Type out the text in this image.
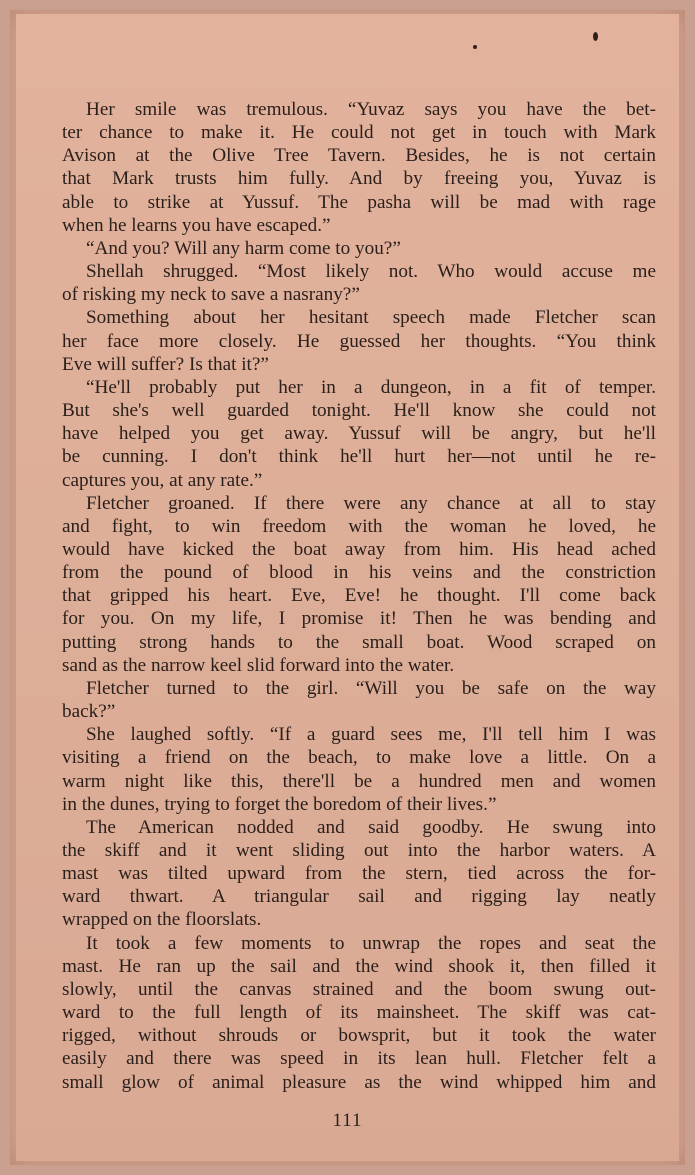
Her smile was tremulous. “Yuvaz says you have the bet-
ter chance to make it. He could not get in touch with Mark
Avison at the Olive Tree Tavern. Besides, he is not certain
that Mark trusts him fully. And by freeing you, Yuvaz is
able to strike at Yussuf. The pasha will be mad with rage
when he learns you have escaped.”
“And you? Will any harm come to you?”
Shellah shrugged. “Most likely not. Who would accuse me
of risking my neck to save a nasrany?”
Something about her hesitant speech made Fletcher scan
her face more closely. He guessed her thoughts. “You think
Eve will suffer? Is that it?”
“He'll probably put her in a dungeon, in a fit of temper.
But she's well guarded tonight. He'll know she could not
have helped you get away. Yussuf will be angry, but he'll
be cunning. I don't think he'll hurt her—not until he re-
captures you, at any rate.”
Fletcher groaned. If there were any chance at all to stay
and fight, to win freedom with the woman he loved, he
would have kicked the boat away from him. His head ached
from the pound of blood in his veins and the constriction
that gripped his heart. Eve, Eve! he thought. I'll come back
for you. On my life, I promise it! Then he was bending and
putting strong hands to the small boat. Wood scraped on
sand as the narrow keel slid forward into the water.
Fletcher turned to the girl. “Will you be safe on the way
back?”
She laughed softly. “If a guard sees me, I'll tell him I was
visiting a friend on the beach, to make love a little. On a
warm night like this, there'll be a hundred men and women
in the dunes, trying to forget the boredom of their lives.”
The American nodded and said goodby. He swung into
the skiff and it went sliding out into the harbor waters. A
mast was tilted upward from the stern, tied across the for-
ward thwart. A triangular sail and rigging lay neatly
wrapped on the floorslats.
It took a few moments to unwrap the ropes and seat the
mast. He ran up the sail and the wind shook it, then filled it
slowly, until the canvas strained and the boom swung out-
ward to the full length of its mainsheet. The skiff was cat-
rigged, without shrouds or bowsprit, but it took the water
easily and there was speed in its lean hull. Fletcher felt a
small glow of animal pleasure as the wind whipped him and
111
